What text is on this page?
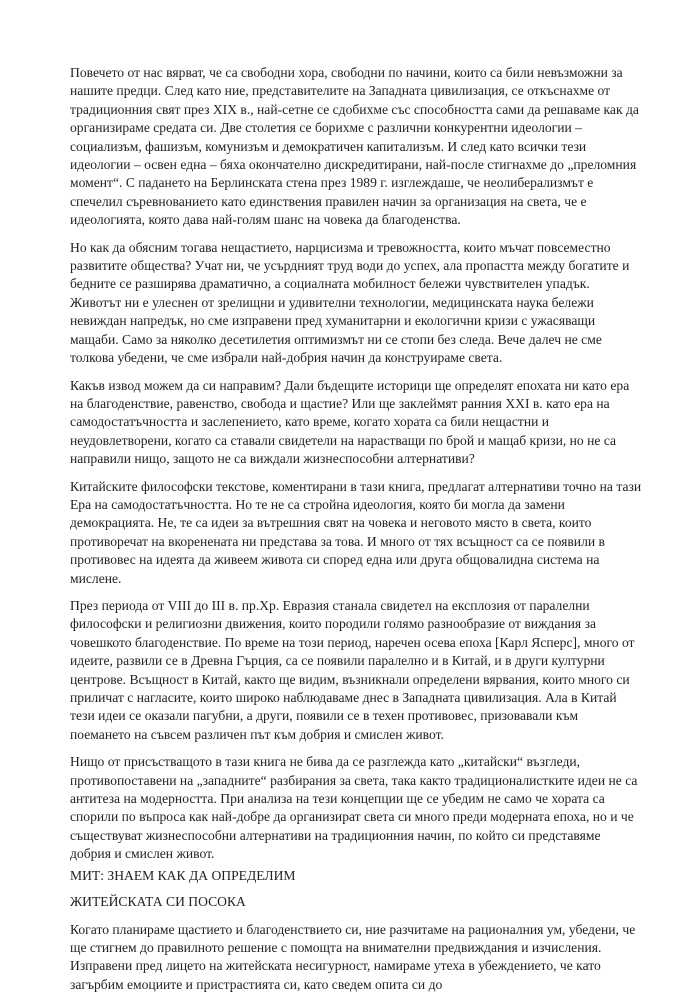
Повечето от нас вярват, че са свободни хора, свободни по начини, които са били невъзможни за нашите предци. След като ние, представителите на Западната цивилизация, се откъснахме от традиционния свят през XIX в., най-сетне се сдобихме със способността сами да решаваме как да организираме средата си. Две столетия се борихме с различни конкурентни идеологии – социализъм, фашизъм, комунизъм и демократичен капитализъм. И след като всички тези идеологии – освен една – бяха окончателно дискредитирани, най-после стигнахме до „преломния момент“. С падането на Берлинската стена през 1989 г. изглеждаше, че неолиберализмът е спечелил съревнованието като единствения правилен начин за организация на света, че е идеологията, която дава най-голям шанс на човека да благоденства.

Но как да обясним тогава нещастието, нарцисизма и тревожността, които мъчат повсеместно развитите общества? Учат ни, че усърдният труд води до успех, ала пропастта между богатите и бедните се разширява драматично, а социалната мобилност бележи чувствителен упадък. Животът ни е улеснен от зрелищни и удивителни технологии, медицинската наука бележи невиждан напредък, но сме изправени пред хуманитарни и екологични кризи с ужасяващи мащаби. Само за няколко десетилетия оптимизмът ни се стопи без следа. Вече далеч не сме толкова убедени, че сме избрали най-добрия начин да конструираме света.

Какъв извод можем да си направим? Дали бъдещите историци ще определят епохата ни като ера на благоденствие, равенство, свобода и щастие? Или ще заклеймят ранния XXI в. като ера на самодостатъчността и заслепението, като време, когато хората са били нещастни и неудовлетворени, когато са ставали свидетели на нарастващи по брой и мащаб кризи, но не са направили нищо, защото не са виждали жизнеспособни алтернативи?

Китайските философски текстове, коментирани в тази книга, предлагат алтернативи точно на тази Ера на самодостатъчността. Но те не са стройна идеология, която би могла да замени демокрацията. Не, те са идеи за вътрешния свят на човека и неговото място в света, които противоречат на вкоренената ни представа за това. И много от тях всъщност са се появили в противовес на идеята да живеем живота си според една или друга общовалидна система на мислене.

През периода от VIII до III в. пр.Хр. Евразия станала свидетел на експлозия от паралелни философски и религиозни движения, които породили голямо разнообразие от виждания за човешкото благоденствие. По време на този период, наречен осева епоха [Карл Ясперс], много от идеите, развили се в Древна Гърция, са се появили паралелно и в Китай, и в други културни центрове. Всъщност в Китай, както ще видим, възникнали определени вярвания, които много си приличат с нагласите, които широко наблюдаваме днес в Западната цивилизация. Ала в Китай тези идеи се оказали пагубни, а други, появили се в техен противовес, призовавали към поемането на съвсем различен път към добрия и смислен живот.

Нищо от присъстващото в тази книга не бива да се разглежда като „китайски“ възгледи, противопоставени на „западните“ разбирания за света, така както традиционалистките идеи не са антитеза на модерността. При анализа на тези концепции ще се убедим не само че хората са спорили по въпроса как най-добре да организират света си много преди модерната епоха, но и че съществуват жизнеспособни алтернативи на традиционния начин, по който си представяме добрия и смислен живот.

МИТ: ЗНАЕМ КАК ДА ОПРЕДЕЛИМ

ЖИТЕЙСКАТА СИ ПОСОКА

Когато планираме щастието и благоденствието си, ние разчитаме на рационалния ум, убедени, че ще стигнем до правилното решение с помощта на внимателни предвиждания и изчисления. Изправени пред лицето на житейската несигурност, намираме утеха в убеждението, че като загърбим емоциите и пристрастията си, като сведем опита си до
